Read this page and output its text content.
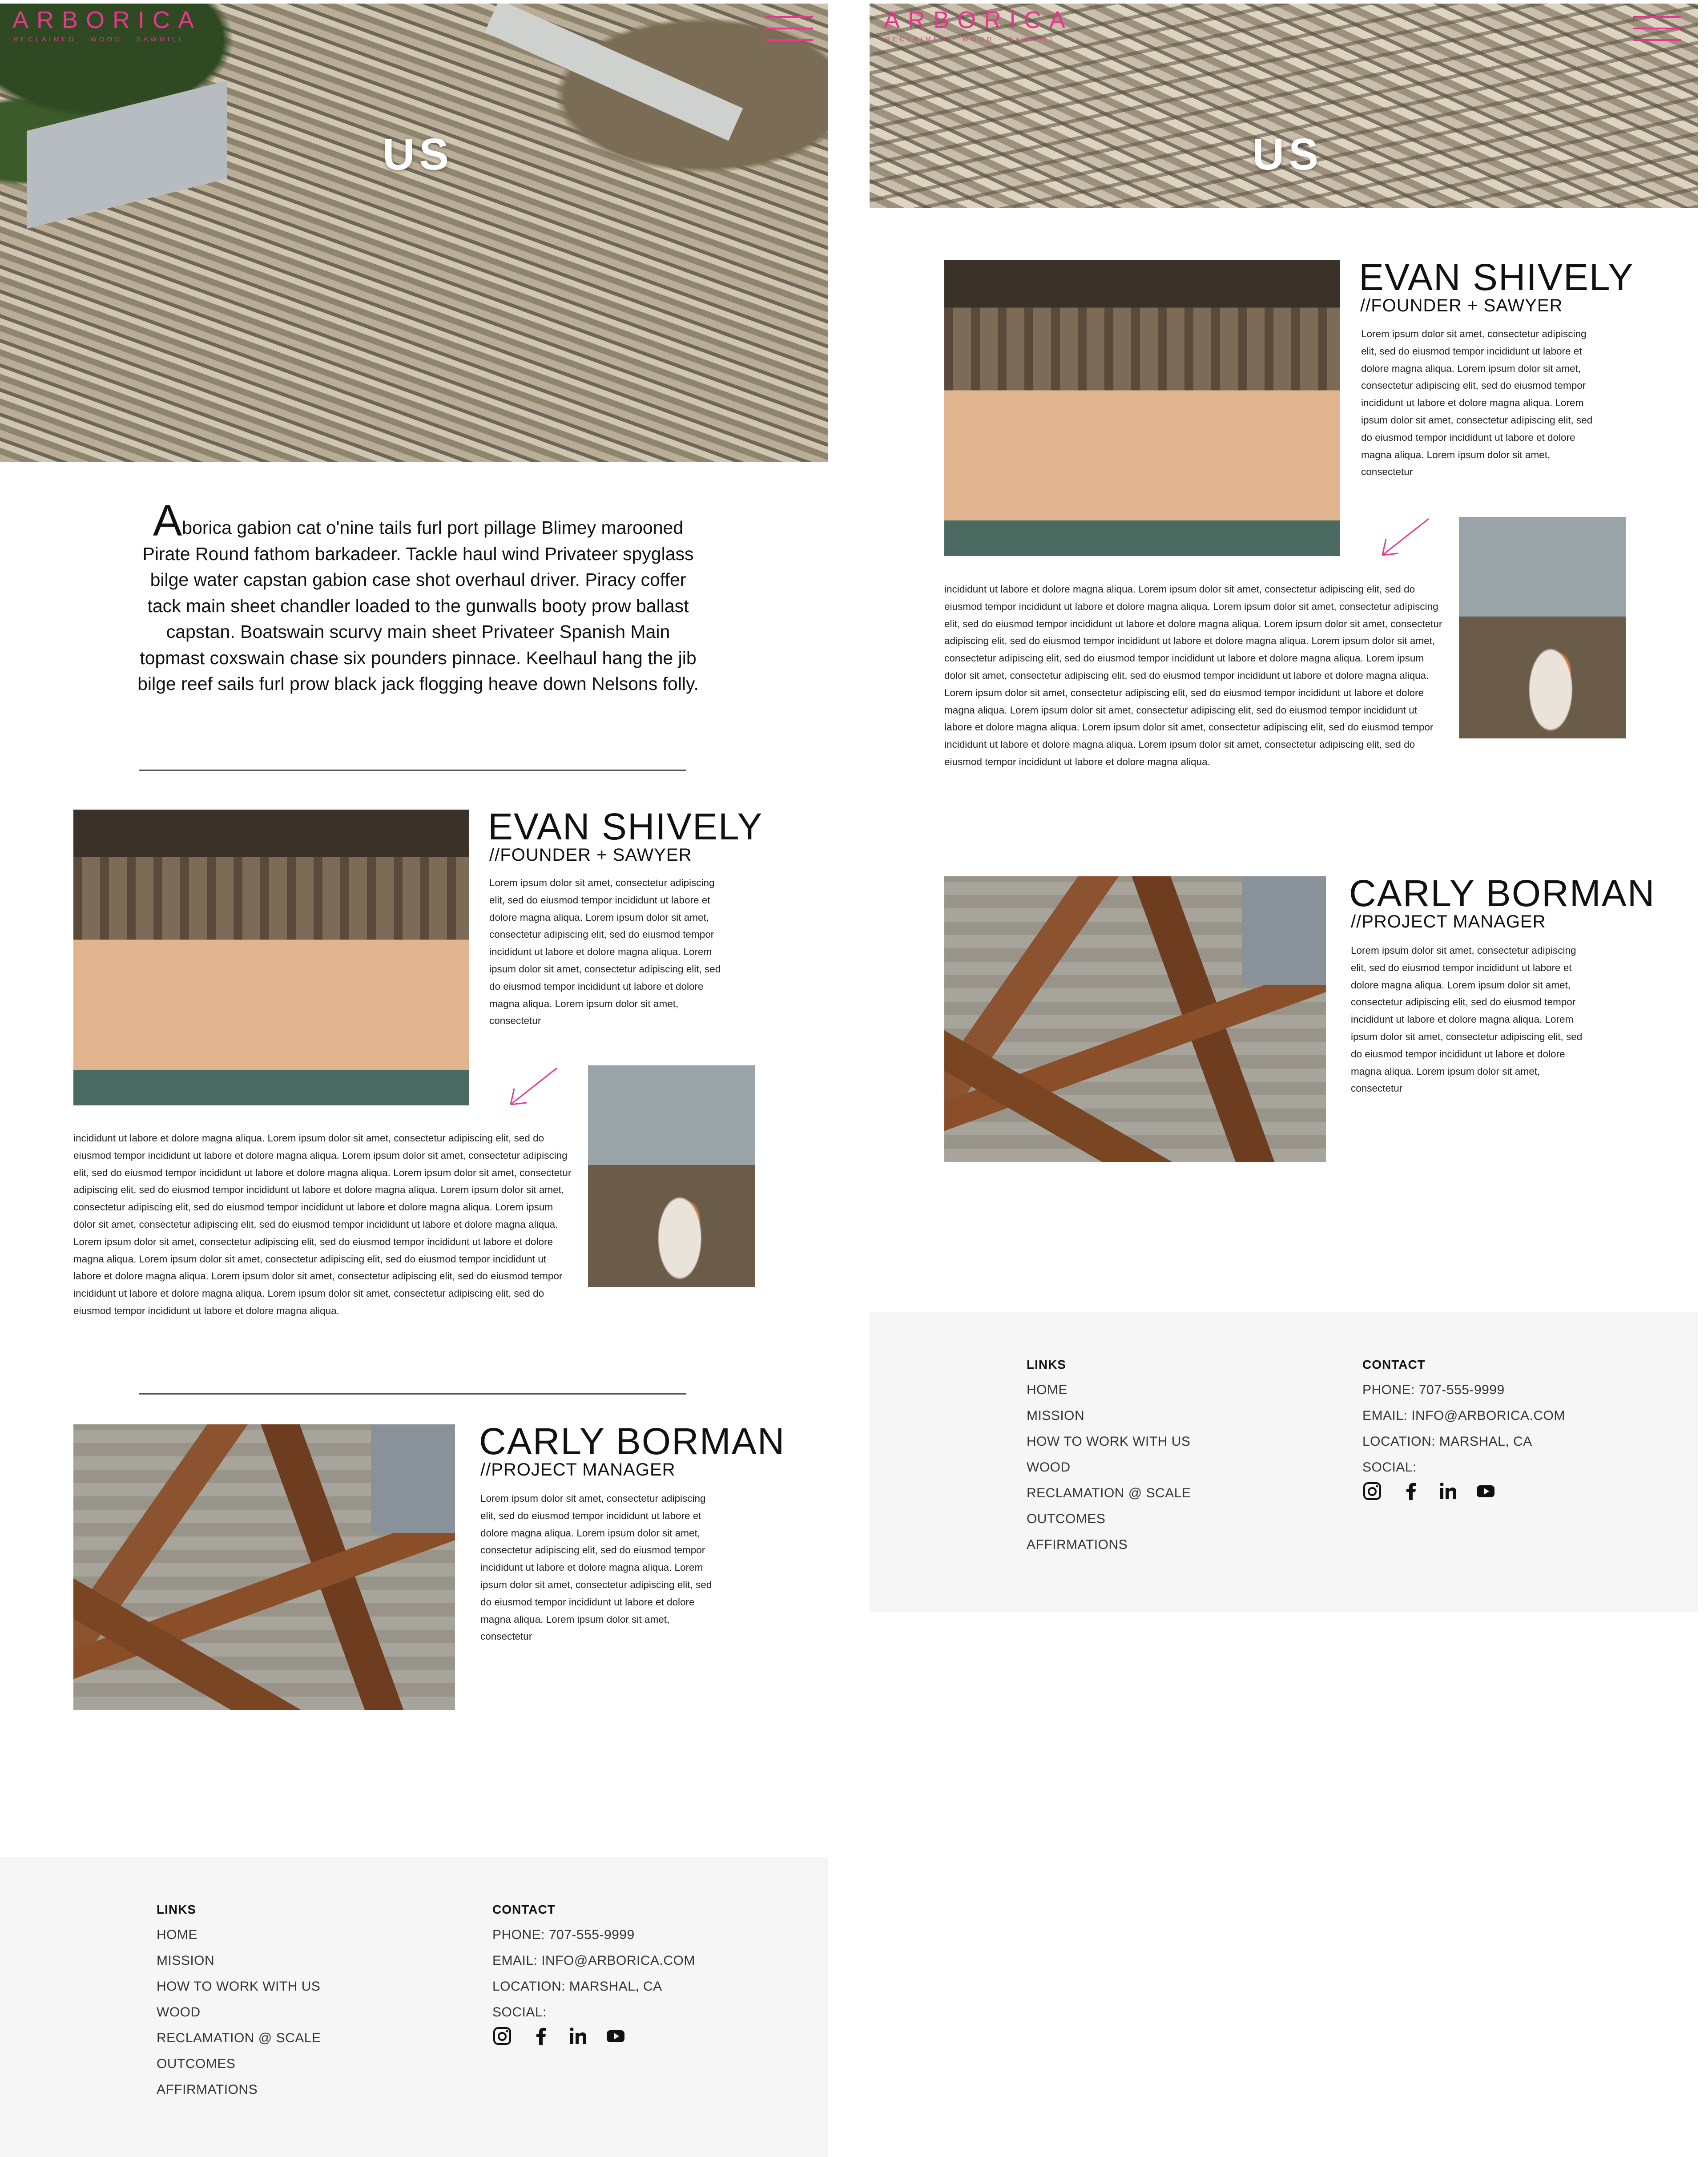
ARBORICA
RECLAIMED · WOOD · SAWMILL
US

Aborica gabion cat o'nine tails furl port pillage Blimey marooned Pirate Round fathom barkadeer. Tackle haul wind Privateer spyglass bilge water capstan gabion case shot overhaul driver. Piracy coffer tack main sheet chandler loaded to the gunwalls booty prow ballast capstan. Boatswain scurvy main sheet Privateer Spanish Main topmast coxswain chase six pounders pinnace. Keelhaul hang the jib bilge reef sails furl prow black jack flogging heave down Nelsons folly.

EVAN SHIVELY
//FOUNDER + SAWYER

Lorem ipsum dolor sit amet, consectetur adipiscing elit, sed do eiusmod tempor incididunt ut labore et dolore magna aliqua. Lorem ipsum dolor sit amet, consectetur adipiscing elit, sed do eiusmod tempor incididunt ut labore et dolore magna aliqua. Lorem ipsum dolor sit amet, consectetur adipiscing elit, sed do eiusmod tempor incididunt ut labore et dolore magna aliqua. Lorem ipsum dolor sit amet, consectetur

incididunt ut labore et dolore magna aliqua. Lorem ipsum dolor sit amet, consectetur adipiscing elit, sed do eiusmod tempor incididunt ut labore et dolore magna aliqua. Lorem ipsum dolor sit amet, consectetur adipiscing elit, sed do eiusmod tempor incididunt ut labore et dolore magna aliqua. Lorem ipsum dolor sit amet, consectetur adipiscing elit, sed do eiusmod tempor incididunt ut labore et dolore magna aliqua. Lorem ipsum dolor sit amet, consectetur adipiscing elit, sed do eiusmod tempor incididunt ut labore et dolore magna aliqua. Lorem ipsum dolor sit amet, consectetur adipiscing elit, sed do eiusmod tempor incididunt ut labore et dolore magna aliqua. Lorem ipsum dolor sit amet, consectetur adipiscing elit, sed do eiusmod tempor incididunt ut labore et dolore magna aliqua. Lorem ipsum dolor sit amet, consectetur adipiscing elit, sed do eiusmod tempor incididunt ut labore et dolore magna aliqua. Lorem ipsum dolor sit amet, consectetur adipiscing elit, sed do eiusmod tempor incididunt ut labore et dolore magna aliqua. Lorem ipsum dolor sit amet, consectetur adipiscing elit, sed do eiusmod tempor incididunt ut labore et dolore magna aliqua.

CARLY BORMAN
//PROJECT MANAGER

Lorem ipsum dolor sit amet, consectetur adipiscing elit, sed do eiusmod tempor incididunt ut labore et dolore magna aliqua. Lorem ipsum dolor sit amet, consectetur adipiscing elit, sed do eiusmod tempor incididunt ut labore et dolore magna aliqua. Lorem ipsum dolor sit amet, consectetur adipiscing elit, sed do eiusmod tempor incididunt ut labore et dolore magna aliqua. Lorem ipsum dolor sit amet, consectetur

LINKS
HOME
MISSION
HOW TO WORK WITH US
WOOD
RECLAMATION @ SCALE
OUTCOMES
AFFIRMATIONS
CONTACT
PHONE: 707-555-9999
EMAIL: INFO@ARBORICA.COM
LOCATION: MARSHAL, CA
SOCIAL:
ARBORICA
RECLAIMED · WOOD · SAWMILL
US
EVAN SHIVELY
//FOUNDER + SAWYER

Lorem ipsum dolor sit amet, consectetur adipiscing elit, sed do eiusmod tempor incididunt ut labore et dolore magna aliqua. Lorem ipsum dolor sit amet, consectetur adipiscing elit, sed do eiusmod tempor incididunt ut labore et dolore magna aliqua. Lorem ipsum dolor sit amet, consectetur adipiscing elit, sed do eiusmod tempor incididunt ut labore et dolore magna aliqua. Lorem ipsum dolor sit amet, consectetur

incididunt ut labore et dolore magna aliqua. Lorem ipsum dolor sit amet, consectetur adipiscing elit, sed do eiusmod tempor incididunt ut labore et dolore magna aliqua. Lorem ipsum dolor sit amet, consectetur adipiscing elit, sed do eiusmod tempor incididunt ut labore et dolore magna aliqua. Lorem ipsum dolor sit amet, consectetur adipiscing elit, sed do eiusmod tempor incididunt ut labore et dolore magna aliqua. Lorem ipsum dolor sit amet, consectetur adipiscing elit, sed do eiusmod tempor incididunt ut labore et dolore magna aliqua. Lorem ipsum dolor sit amet, consectetur adipiscing elit, sed do eiusmod tempor incididunt ut labore et dolore magna aliqua. Lorem ipsum dolor sit amet, consectetur adipiscing elit, sed do eiusmod tempor incididunt ut labore et dolore magna aliqua. Lorem ipsum dolor sit amet, consectetur adipiscing elit, sed do eiusmod tempor incididunt ut labore et dolore magna aliqua. Lorem ipsum dolor sit amet, consectetur adipiscing elit, sed do eiusmod tempor incididunt ut labore et dolore magna aliqua. Lorem ipsum dolor sit amet, consectetur adipiscing elit, sed do eiusmod tempor incididunt ut labore et dolore magna aliqua.

CARLY BORMAN
//PROJECT MANAGER

Lorem ipsum dolor sit amet, consectetur adipiscing elit, sed do eiusmod tempor incididunt ut labore et dolore magna aliqua. Lorem ipsum dolor sit amet, consectetur adipiscing elit, sed do eiusmod tempor incididunt ut labore et dolore magna aliqua. Lorem ipsum dolor sit amet, consectetur adipiscing elit, sed do eiusmod tempor incididunt ut labore et dolore magna aliqua. Lorem ipsum dolor sit amet, consectetur

LINKS
HOME
MISSION
HOW TO WORK WITH US
WOOD
RECLAMATION @ SCALE
OUTCOMES
AFFIRMATIONS
CONTACT
PHONE: 707-555-9999
EMAIL: INFO@ARBORICA.COM
LOCATION: MARSHAL, CA
SOCIAL:
